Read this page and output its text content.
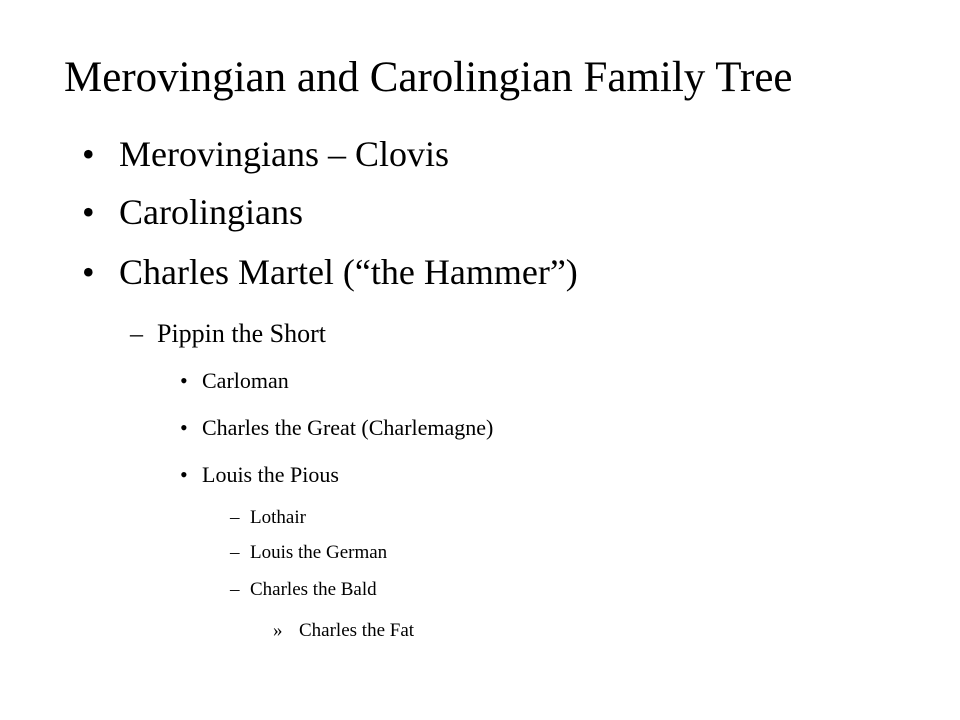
Merovingian and Carolingian Family Tree
• Merovingians – Clovis
• Carolingians
• Charles Martel (“the Hammer”)
– Pippin the Short
• Carloman
• Charles the Great (Charlemagne)
• Louis the Pious
– Lothair
– Louis the German
– Charles the Bald
» Charles the Fat
